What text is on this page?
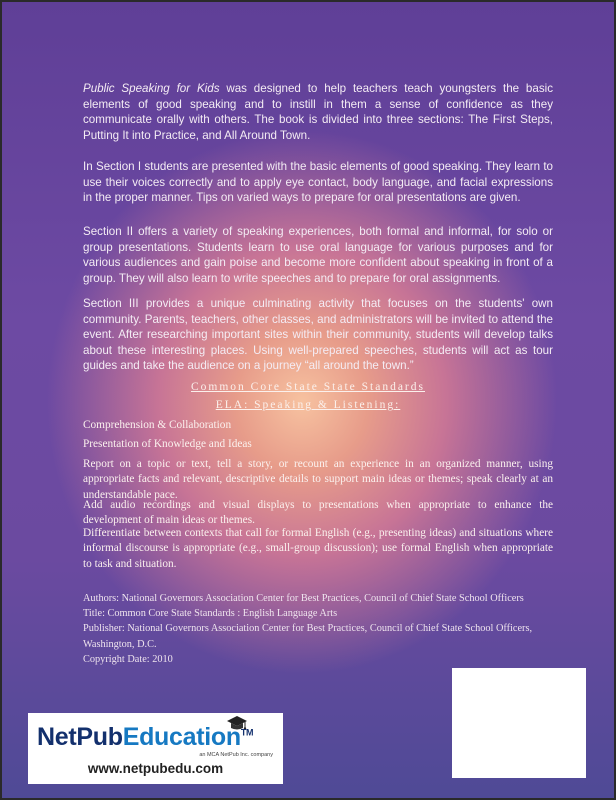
Public Speaking for Kids was designed to help teachers teach youngsters the basic elements of good speaking and to instill in them a sense of confidence as they communicate orally with others. The book is divided into three sections: The First Steps, Putting It into Practice, and All Around Town.

In Section I students are presented with the basic elements of good speaking. They learn to use their voices correctly and to apply eye contact, body language, and facial expressions in the proper manner. Tips on varied ways to prepare for oral presentations are given.

Section II offers a variety of speaking experiences, both formal and informal, for solo or group presentations. Students learn to use oral language for various purposes and for various audiences and gain poise and become more confident about speaking in front of a group. They will also learn to write speeches and to prepare for oral assignments.

Section III provides a unique culminating activity that focuses on the students' own community. Parents, teachers, other classes, and administrators will be invited to attend the event. After researching important sites within their community, students will develop talks about these interesting places. Using well-prepared speeches, students will act as tour guides and take the audience on a journey “all around the town.”

Common Core State State Standards

ELA: Speaking & Listening:

Comprehension & Collaboration

Presentation of Knowledge and Ideas

Report on a topic or text, tell a story, or recount an experience in an organized manner, using appropriate facts and relevant, descriptive details to support main ideas or themes; speak clearly at an understandable pace.

Add audio recordings and visual displays to presentations when appropriate to enhance the development of main ideas or themes.

Differentiate between contexts that call for formal English (e.g., presenting ideas) and situations where informal discourse is appropriate (e.g., small-group discussion); use formal English when appropriate to task and situation.

Authors: National Governors Association Center for Best Practices, Council of Chief State School Officers
Title: Common Core State Standards : English Language Arts
Publisher: National Governors Association Center for Best Practices, Council of Chief State School Officers, Washington, D.C.
Copyright Date: 2010
NetPubEducation™
an MCA NetPub Inc. company
www.netpubedu.com
